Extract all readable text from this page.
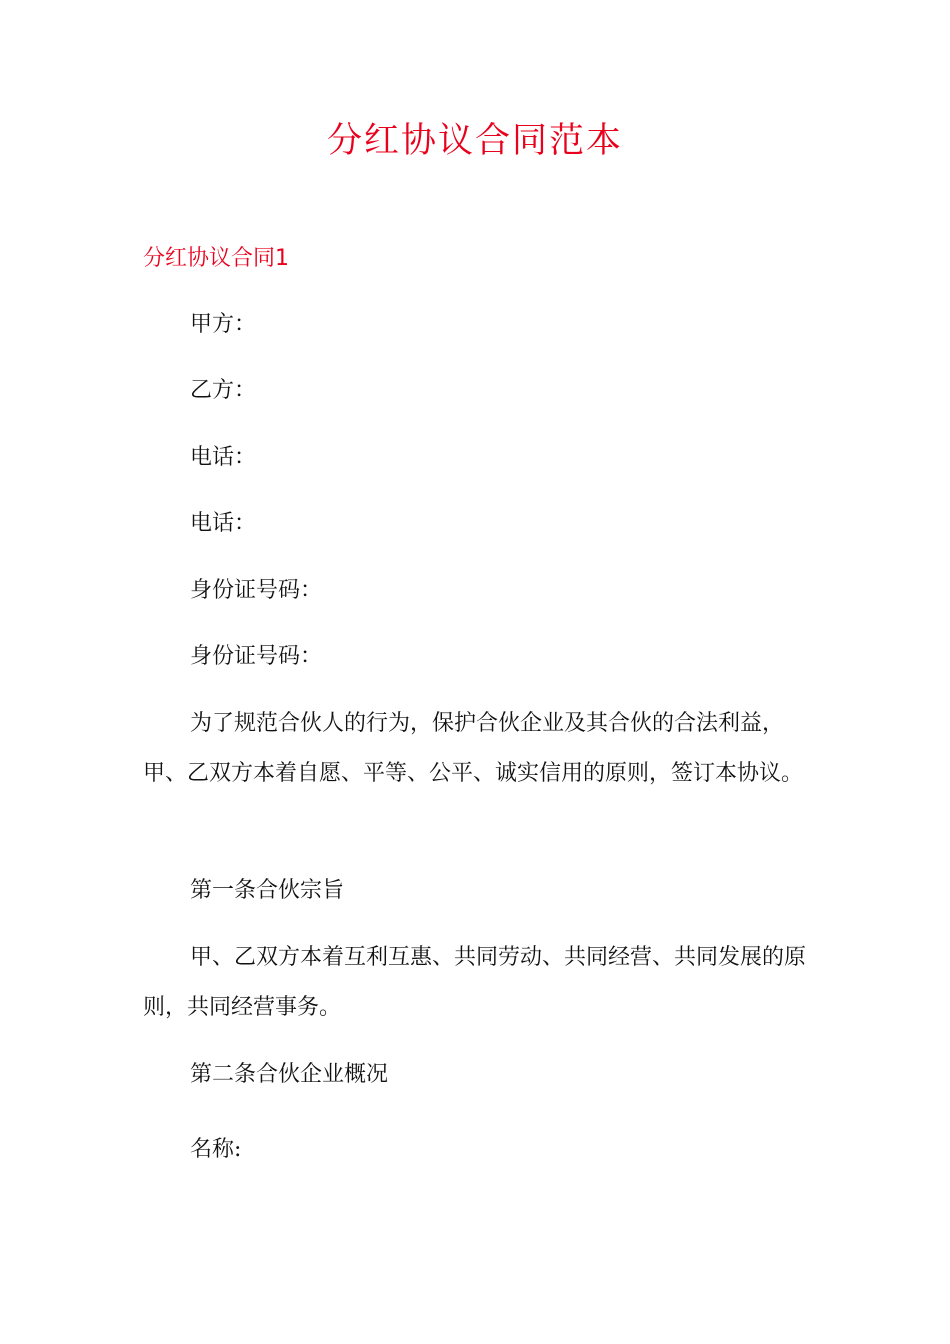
分红协议合同范本
分红协议合同1
甲方：
乙方：
电话：
电话：
身份证号码：
身份证号码：
为了规范合伙人的行为，保护合伙企业及其合伙的合法利益，甲、乙双方本着自愿、平等、公平、诚实信用的原则，签订本协议。
第一条合伙宗旨
甲、乙双方本着互利互惠、共同劳动、共同经营、共同发展的原则，共同经营事务。
第二条合伙企业概况
名称:
